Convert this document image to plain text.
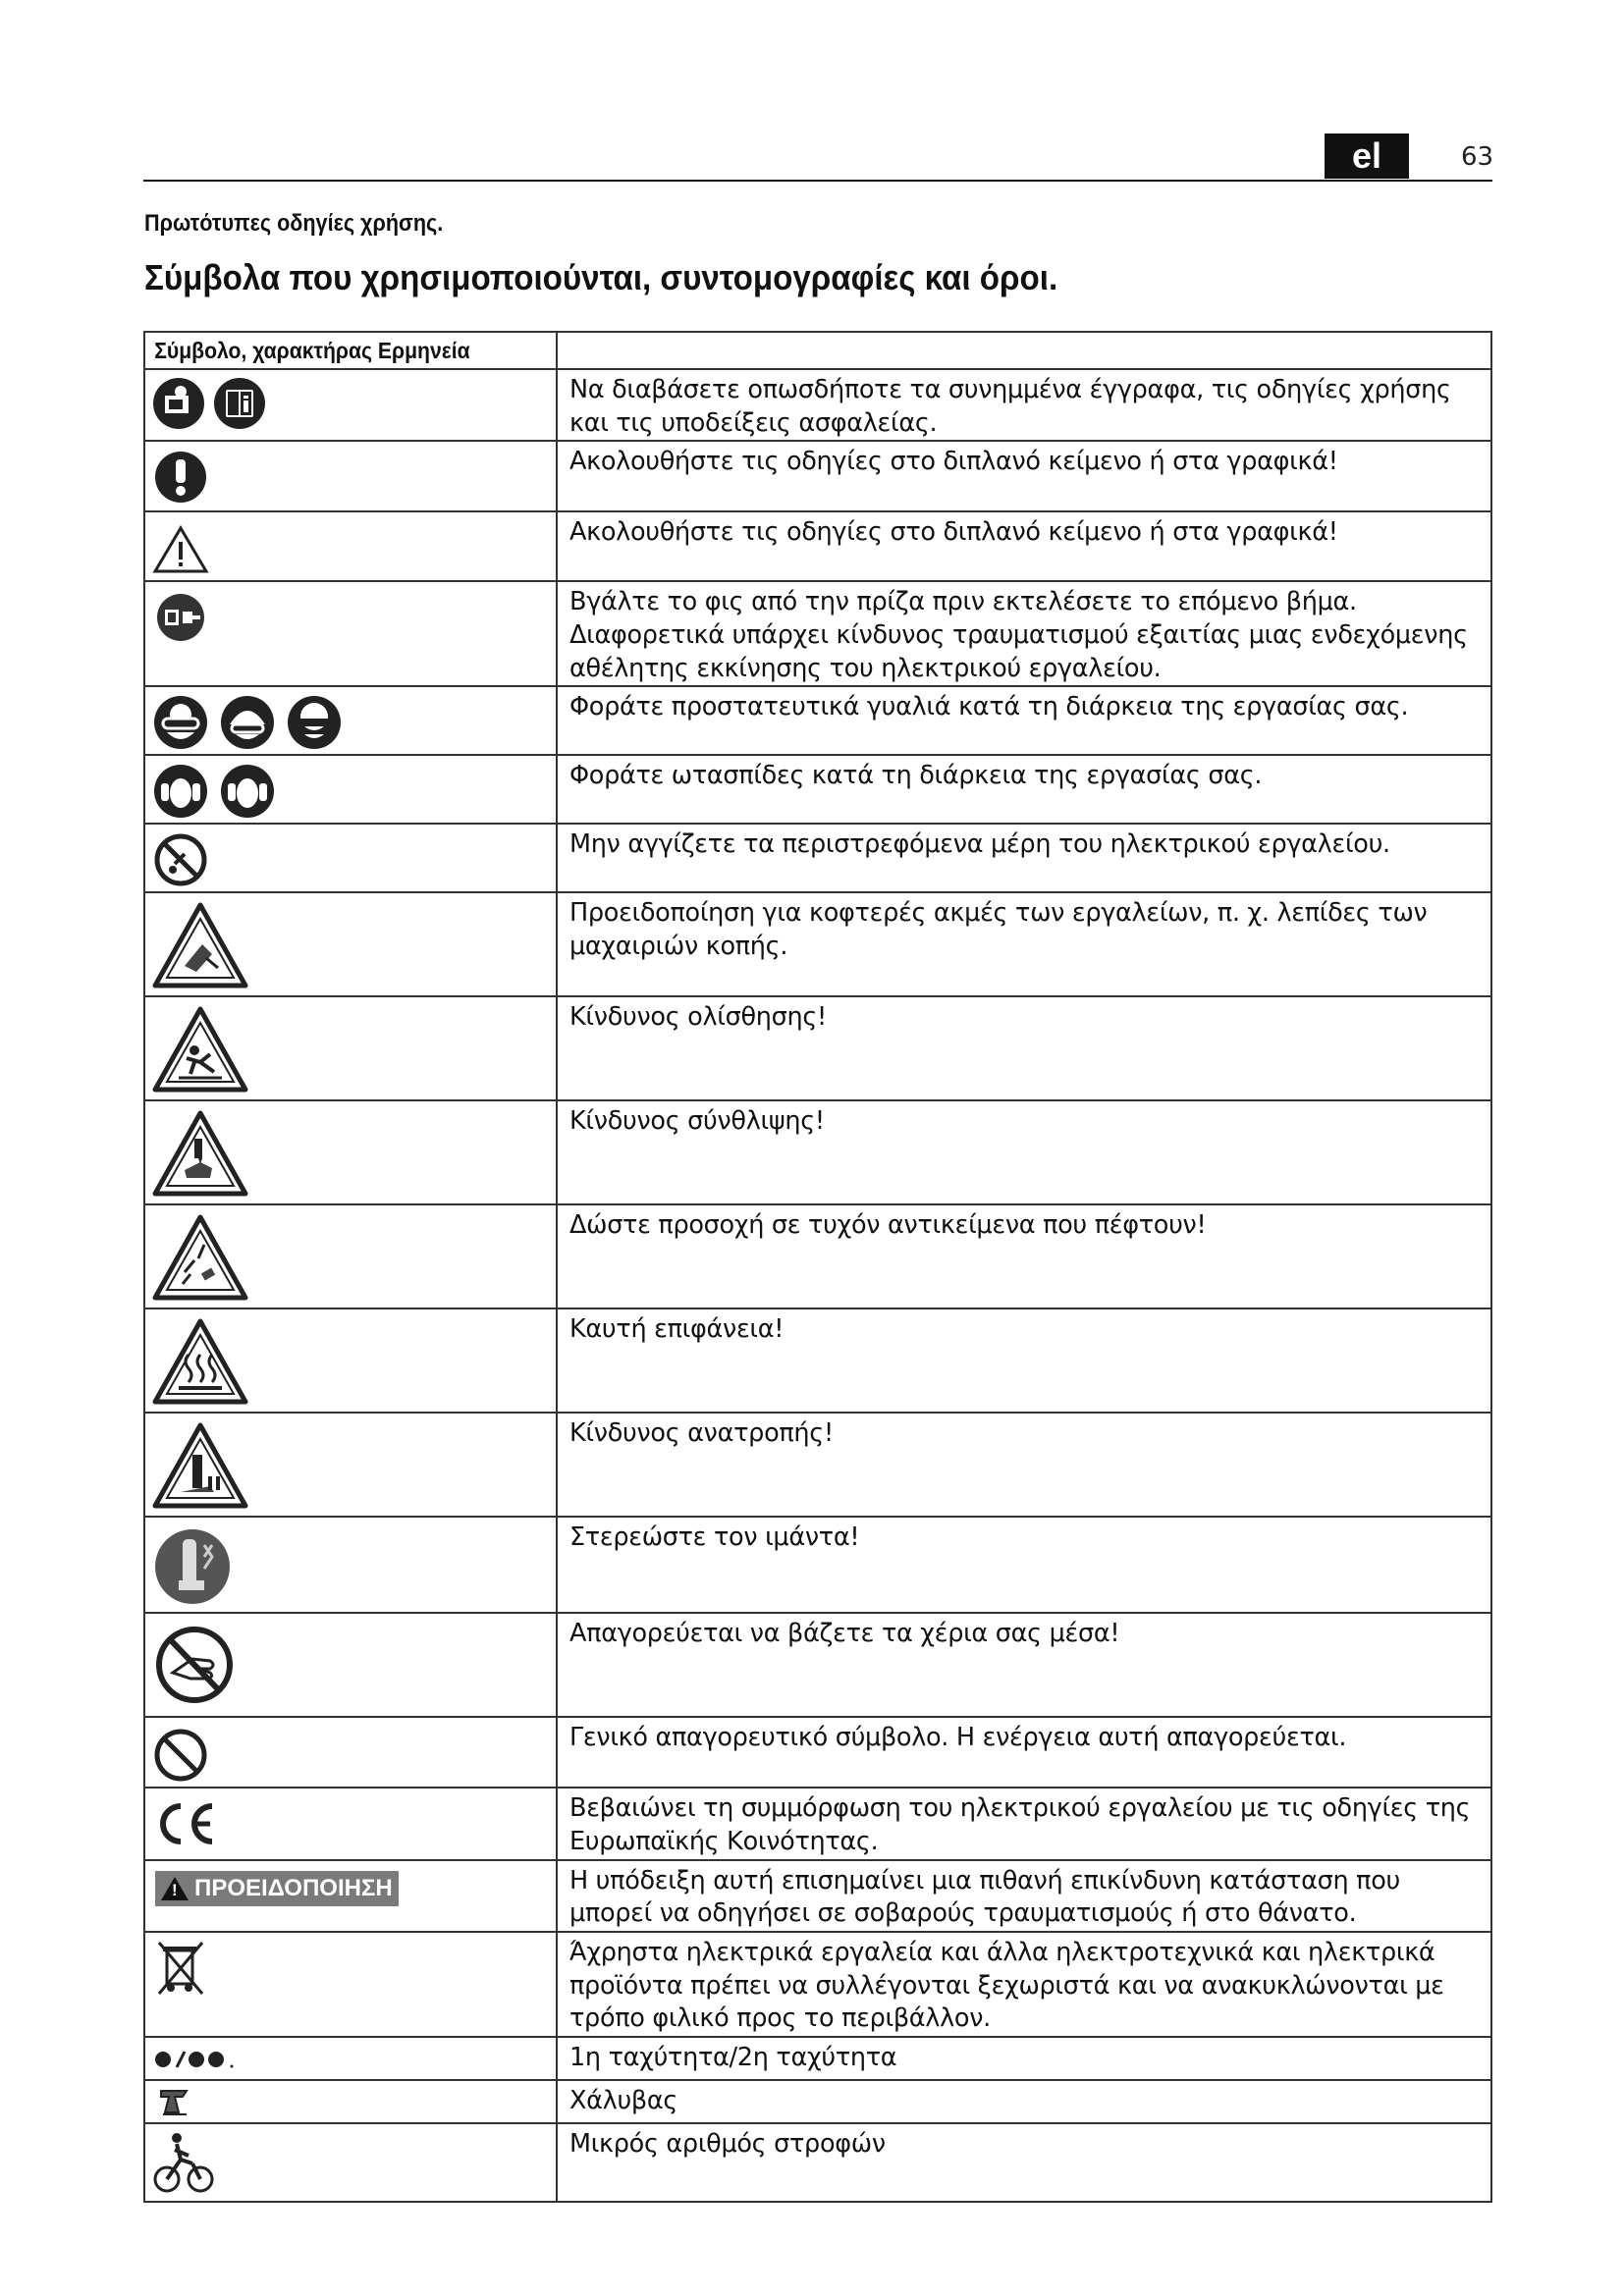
el	63
Πρωτότυπες οδηγίες χρήσης.
Σύμβολα που χρησιμοποιούνται, συντομογραφίες και όροι.
Σύμβολο, χαρακτήρας Ερμηνεία	

	Να διαβάσετε οπωσδήποτε τα συνημμένα έγγραφα, τις οδηγίες χρήσης και τις υποδείξεις ασφαλείας.

	Ακολουθήστε τις οδηγίες στο διπλανό κείμενο ή στα γραφικά!

	Ακολουθήστε τις οδηγίες στο διπλανό κείμενο ή στα γραφικά!

	Βγάλτε το φις από την πρίζα πριν εκτελέσετε το επόμενο βήμα. Διαφορετικά υπάρχει κίνδυνος τραυματισμού εξαιτίας μιας ενδεχόμενης αθέλητης εκκίνησης του ηλεκτρικού εργαλείου.

	Φοράτε προστατευτικά γυαλιά κατά τη διάρκεια της εργασίας σας.

	Φοράτε ωτασπίδες κατά τη διάρκεια της εργασίας σας.

	Μην αγγίζετε τα περιστρεφόμενα μέρη του ηλεκτρικού εργαλείου.

	Προειδοποίηση για κοφτερές ακμές των εργαλείων, π. χ. λεπίδες των μαχαιριών κοπής.

	Κίνδυνος ολίσθησης!

	Κίνδυνος σύνθλιψης!

	Δώστε προσοχή σε τυχόν αντικείμενα που πέφτουν!

	Καυτή επιφάνεια!

	Κίνδυνος ανατροπής!

	Στερεώστε τον ιμάντα!

	Απαγορεύεται να βάζετε τα χέρια σας μέσα!

	Γενικό απαγορευτικό σύμβολο. Η ενέργεια αυτή απαγορεύεται.

	Βεβαιώνει τη συμμόρφωση του ηλεκτρικού εργαλείου με τις οδηγίες της Ευρωπαϊκής Κοινότητας.

! ΠΡΟΕΙΔΟΠΟΙΗΣΗ	Η υπόδειξη αυτή επισημαίνει μια πιθανή επικίνδυνη κατάσταση που μπορεί να οδηγήσει σε σοβαρούς τραυματισμούς ή στο θάνατο.

	Άχρηστα ηλεκτρικά εργαλεία και άλλα ηλεκτροτεχνικά και ηλεκτρικά προϊόντα πρέπει να συλλέγονται ξεχωριστά και να ανακυκλώνονται με τρόπο φιλικό προς το περιβάλλον.

	1η ταχύτητα/2η ταχύτητα

	Χάλυβας

	Μικρός αριθμός στροφών
